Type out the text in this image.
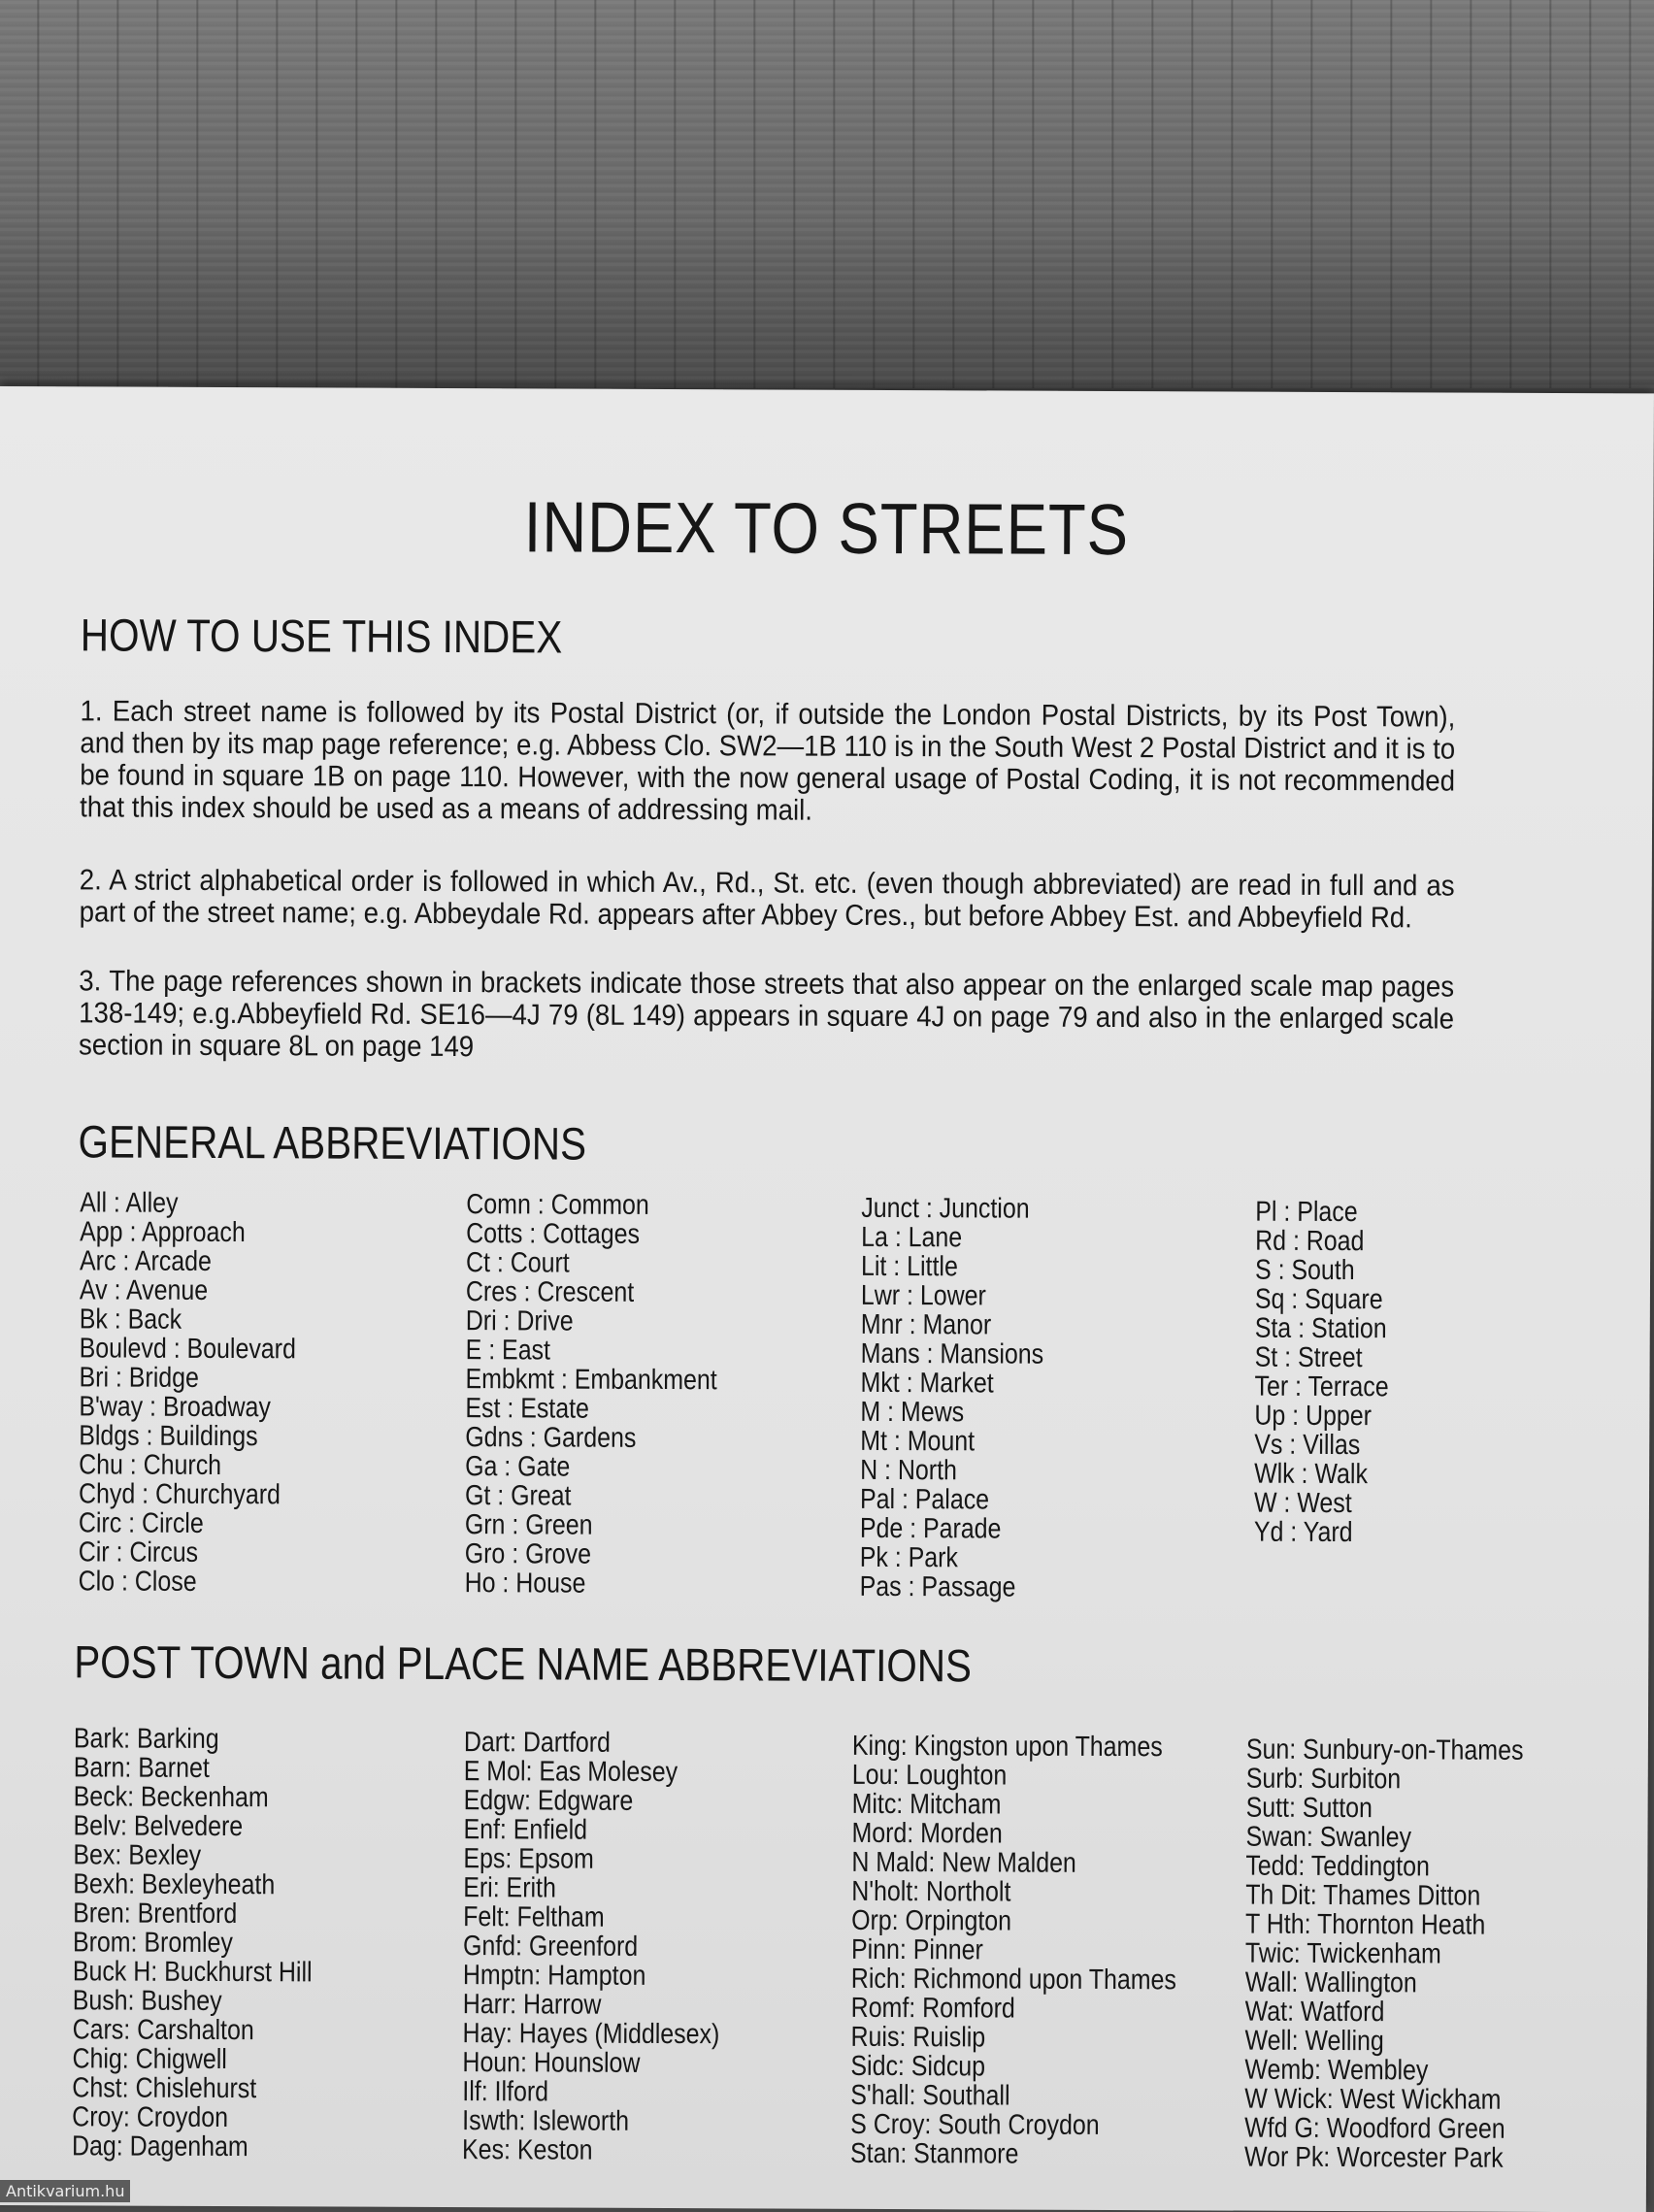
INDEX TO STREETS
HOW TO USE THIS INDEX
1. Each street name is followed by its Postal District (or, if outside the London Postal Districts, by its Post Town), and then by its map page reference; e.g. Abbess Clo. SW2—1B 110 is in the South West 2 Postal District and it is to be found in square 1B on page 110. However, with the now general usage of Postal Coding, it is not recommended that this index should be used as a means of addressing mail.
2. A strict alphabetical order is followed in which Av., Rd., St. etc. (even though abbreviated) are read in full and as part of the street name; e.g. Abbeydale Rd. appears after Abbey Cres., but before Abbey Est. and Abbeyfield Rd.
3. The page references shown in brackets indicate those streets that also appear on the enlarged scale map pages 138-149; e.g.Abbeyfield Rd. SE16—4J 79 (8L 149) appears in square 4J on page 79 and also in the enlarged scale section in square 8L on page 149
GENERAL ABBREVIATIONS
All : Alley
App : Approach
Arc : Arcade
Av : Avenue
Bk : Back
Boulevd : Boulevard
Bri : Bridge
B'way : Broadway
Bldgs : Buildings
Chu : Church
Chyd : Churchyard
Circ : Circle
Cir : Circus
Clo : Close
Comn : Common
Cotts : Cottages
Ct : Court
Cres : Crescent
Dri : Drive
E : East
Embkmt : Embankment
Est : Estate
Gdns : Gardens
Ga : Gate
Gt : Great
Grn : Green
Gro : Grove
Ho : House
Junct : Junction
La : Lane
Lit : Little
Lwr : Lower
Mnr : Manor
Mans : Mansions
Mkt : Market
M : Mews
Mt : Mount
N : North
Pal : Palace
Pde : Parade
Pk : Park
Pas : Passage
Pl : Place
Rd : Road
S : South
Sq : Square
Sta : Station
St : Street
Ter : Terrace
Up : Upper
Vs : Villas
Wlk : Walk
W : West
Yd : Yard
POST TOWN and PLACE NAME ABBREVIATIONS
Bark: Barking
Barn: Barnet
Beck: Beckenham
Belv: Belvedere
Bex: Bexley
Bexh: Bexleyheath
Bren: Brentford
Brom: Bromley
Buck H: Buckhurst Hill
Bush: Bushey
Cars: Carshalton
Chig: Chigwell
Chst: Chislehurst
Croy: Croydon
Dag: Dagenham
Dart: Dartford
E Mol: Eas Molesey
Edgw: Edgware
Enf: Enfield
Eps: Epsom
Eri: Erith
Felt: Feltham
Gnfd: Greenford
Hmptn: Hampton
Harr: Harrow
Hay: Hayes (Middlesex)
Houn: Hounslow
Ilf: Ilford
Iswth: Isleworth
Kes: Keston
King: Kingston upon Thames
Lou: Loughton
Mitc: Mitcham
Mord: Morden
N Mald: New Malden
N'holt: Northolt
Orp: Orpington
Pinn: Pinner
Rich: Richmond upon Thames
Romf: Romford
Ruis: Ruislip
Sidc: Sidcup
S'hall: Southall
S Croy: South Croydon
Stan: Stanmore
Sun: Sunbury-on-Thames
Surb: Surbiton
Sutt: Sutton
Swan: Swanley
Tedd: Teddington
Th Dit: Thames Ditton
T Hth: Thornton Heath
Twic: Twickenham
Wall: Wallington
Wat: Watford
Well: Welling
Wemb: Wembley
W Wick: West Wickham
Wfd G: Woodford Green
Wor Pk: Worcester Park
Antikvarium.hu
